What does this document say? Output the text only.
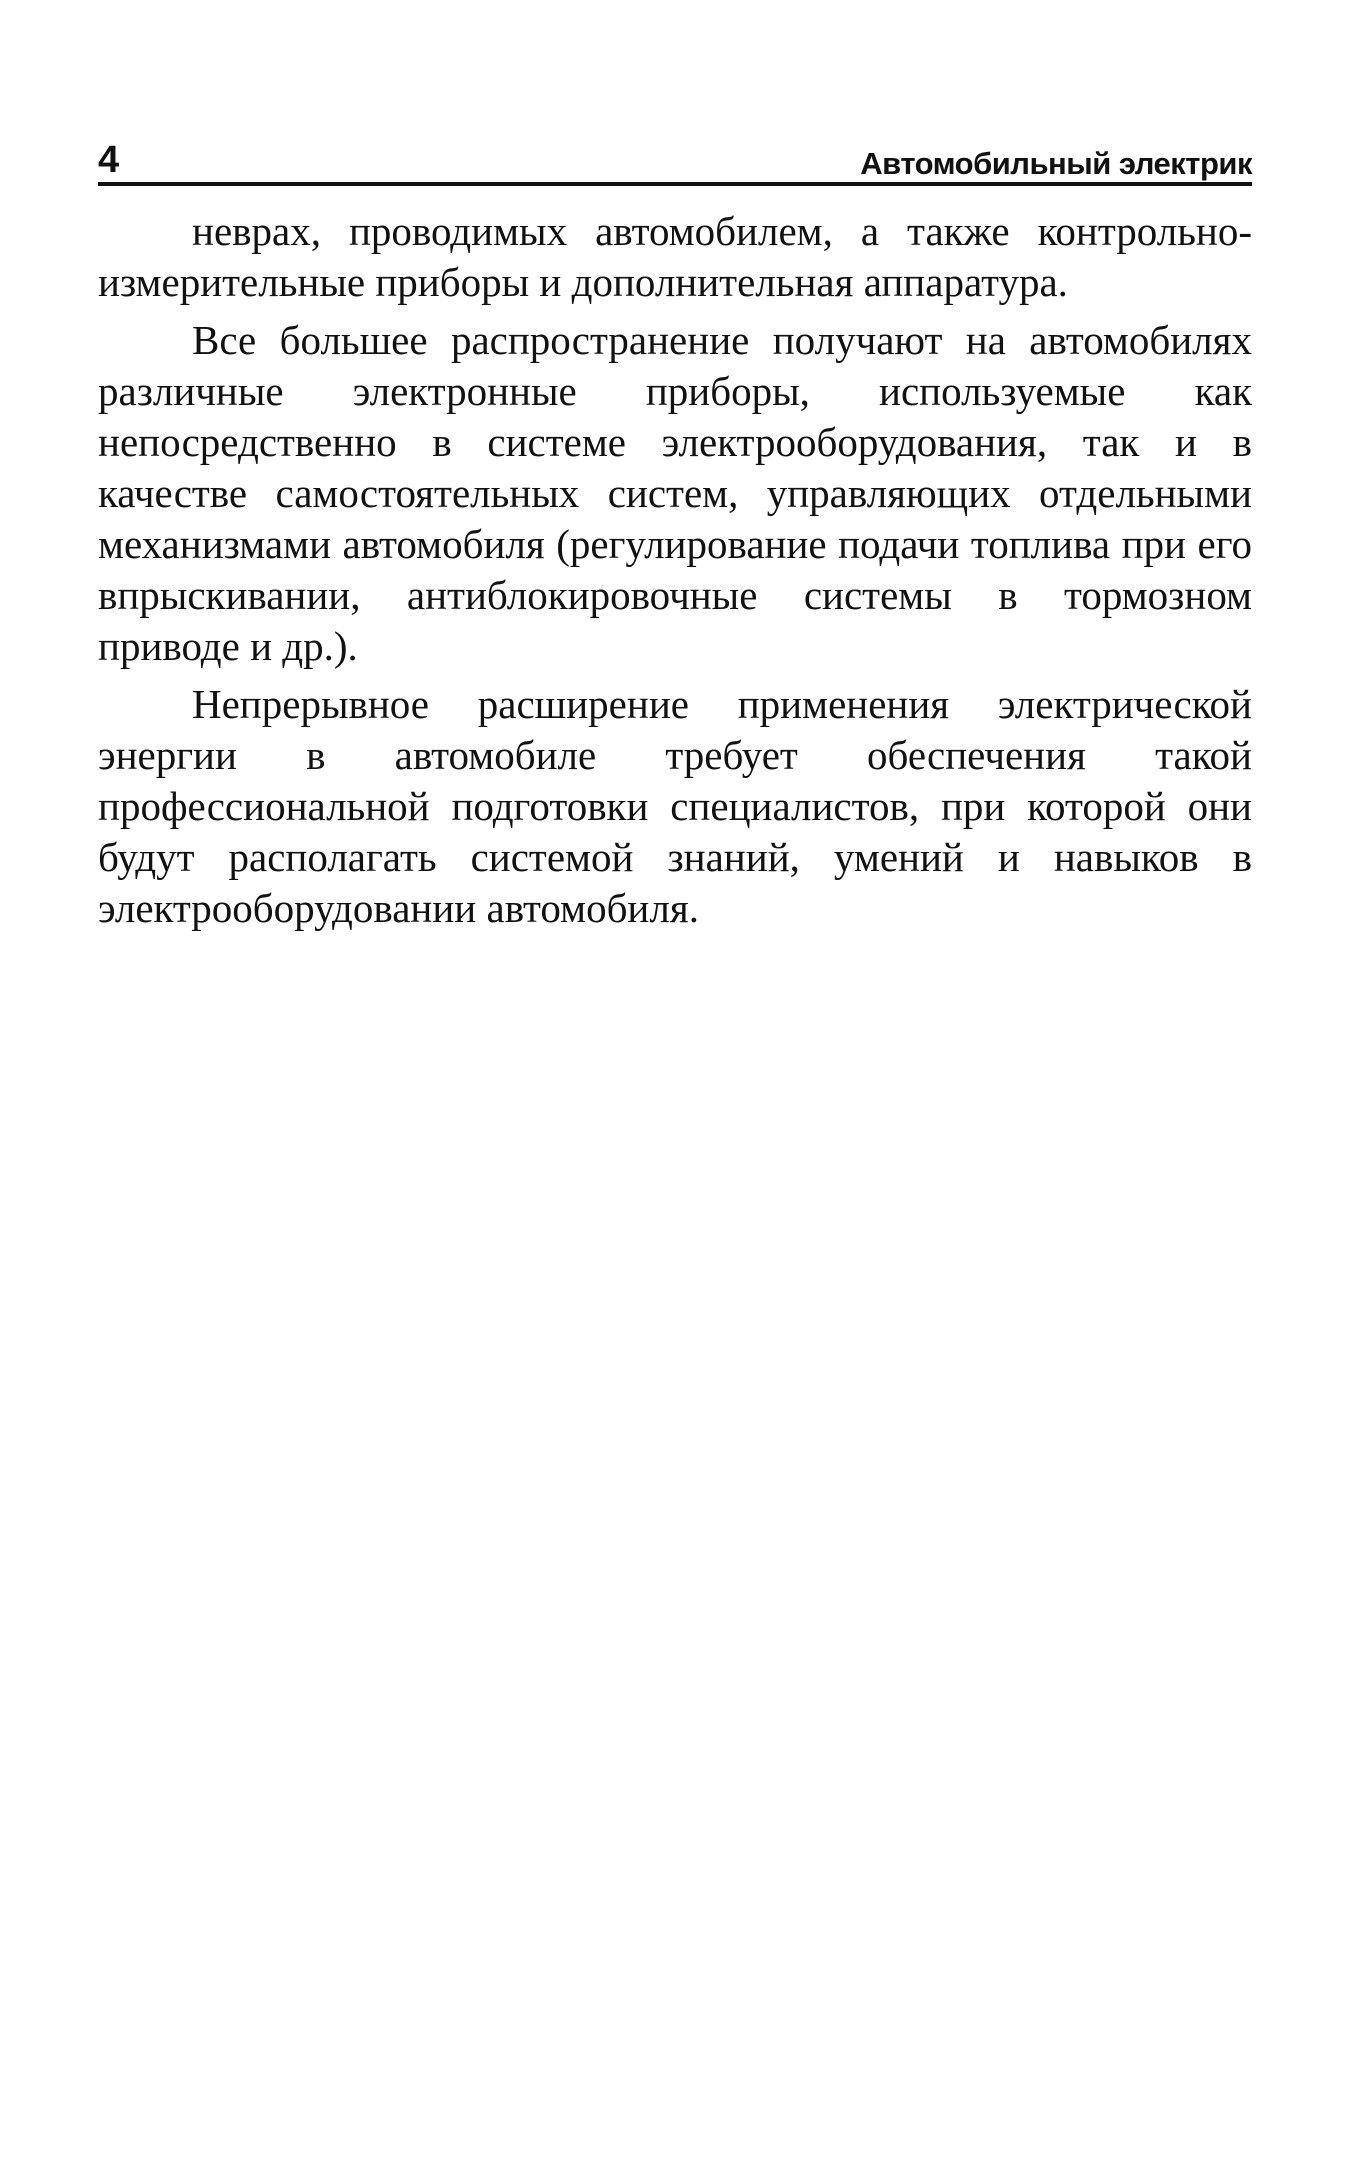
4	Автомобильный электрик

неврах, проводимых автомобилем, а также контрольно-измерительные приборы и дополнительная аппаратура.

Все большее распространение получают на автомобилях различные электронные приборы, используемые как непосредственно в системе электрооборудования, так и в качестве самостоятельных систем, управляющих отдельными механизмами автомобиля (регулирование подачи топлива при его впрыскивании, антиблокировочные системы в тормозном приводе и др.).

Непрерывное расширение применения электрической энергии в автомобиле требует обеспечения такой профессиональной подготовки специалистов, при которой они будут располагать системой знаний, умений и навыков в электрооборудовании автомобиля.
